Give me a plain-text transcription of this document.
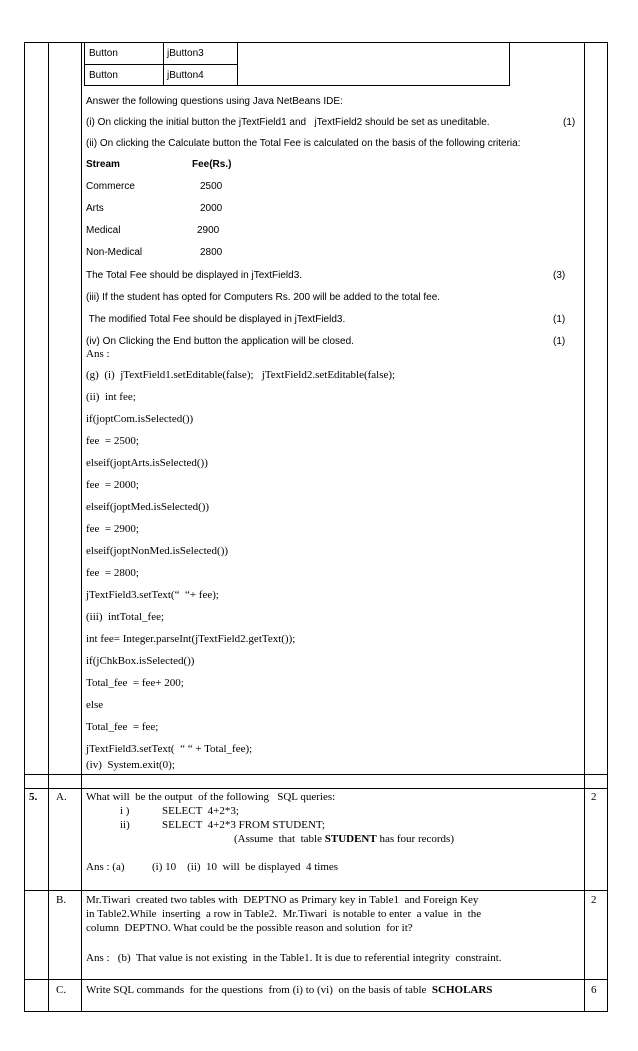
Button	jButton3
Button	jButton4
Answer the following questions using Java NetBeans IDE:
(i) On clicking the initial button the jTextField1 and   jTextField2 should be set as uneditable.	(1)
(ii) On clicking the Calculate button the Total Fee is calculated on the basis of the following criteria:
Stream	Fee(Rs.)
Commerce	2500
Arts	2000
Medical	2900
Non-Medical	2800
The Total Fee should be displayed in jTextField3.	(3)
(iii) If the student has opted for Computers Rs. 200 will be added to the total fee.
The modified Total Fee should be displayed in jTextField3.	(1)
(iv) On Clicking the End button the application will be closed.	(1)
Ans :
(g)  (i)  jTextField1.setEditable(false);   jTextField2.setEditable(false);
(ii)  int fee;
if(joptCom.isSelected())
fee  = 2500;
elseif(joptArts.isSelected())
fee  = 2000;
elseif(joptMed.isSelected())
fee  = 2900;
elseif(joptNonMed.isSelected())
fee  = 2800;
jTextField3.setText(“  “+ fee);
(iii)  intTotal_fee;
int fee= Integer.parseInt(jTextField2.getText());
if(jChkBox.isSelected())
Total_fee  = fee+ 200;
else
Total_fee  = fee;
jTextField3.setText(  “ “ + Total_fee);
(iv)  System.exit(0);
5. A. What will  be the output  of the following   SQL queries:	2
i )	SELECT  4+2*3;
ii)	SELECT  4+2*3 FROM STUDENT;
(Assume  that  table STUDENT has four records)
Ans : (a)          (i) 10    (ii)  10  will  be displayed  4 times
B. Mr.Tiwari  created two tables with  DEPTNO as Primary key in Table1  and Foreign Key	2
in Table2.While  inserting  a row in Table2.  Mr.Tiwari  is notable to enter  a value  in  the
column  DEPTNO. What could be the possible reason and solution  for it?
Ans :   (b)  That value is not existing  in the Table1. It is due to referential integrity  constraint.
C. Write SQL commands  for the questions  from (i) to (vi)  on the basis of table  SCHOLARS	6
